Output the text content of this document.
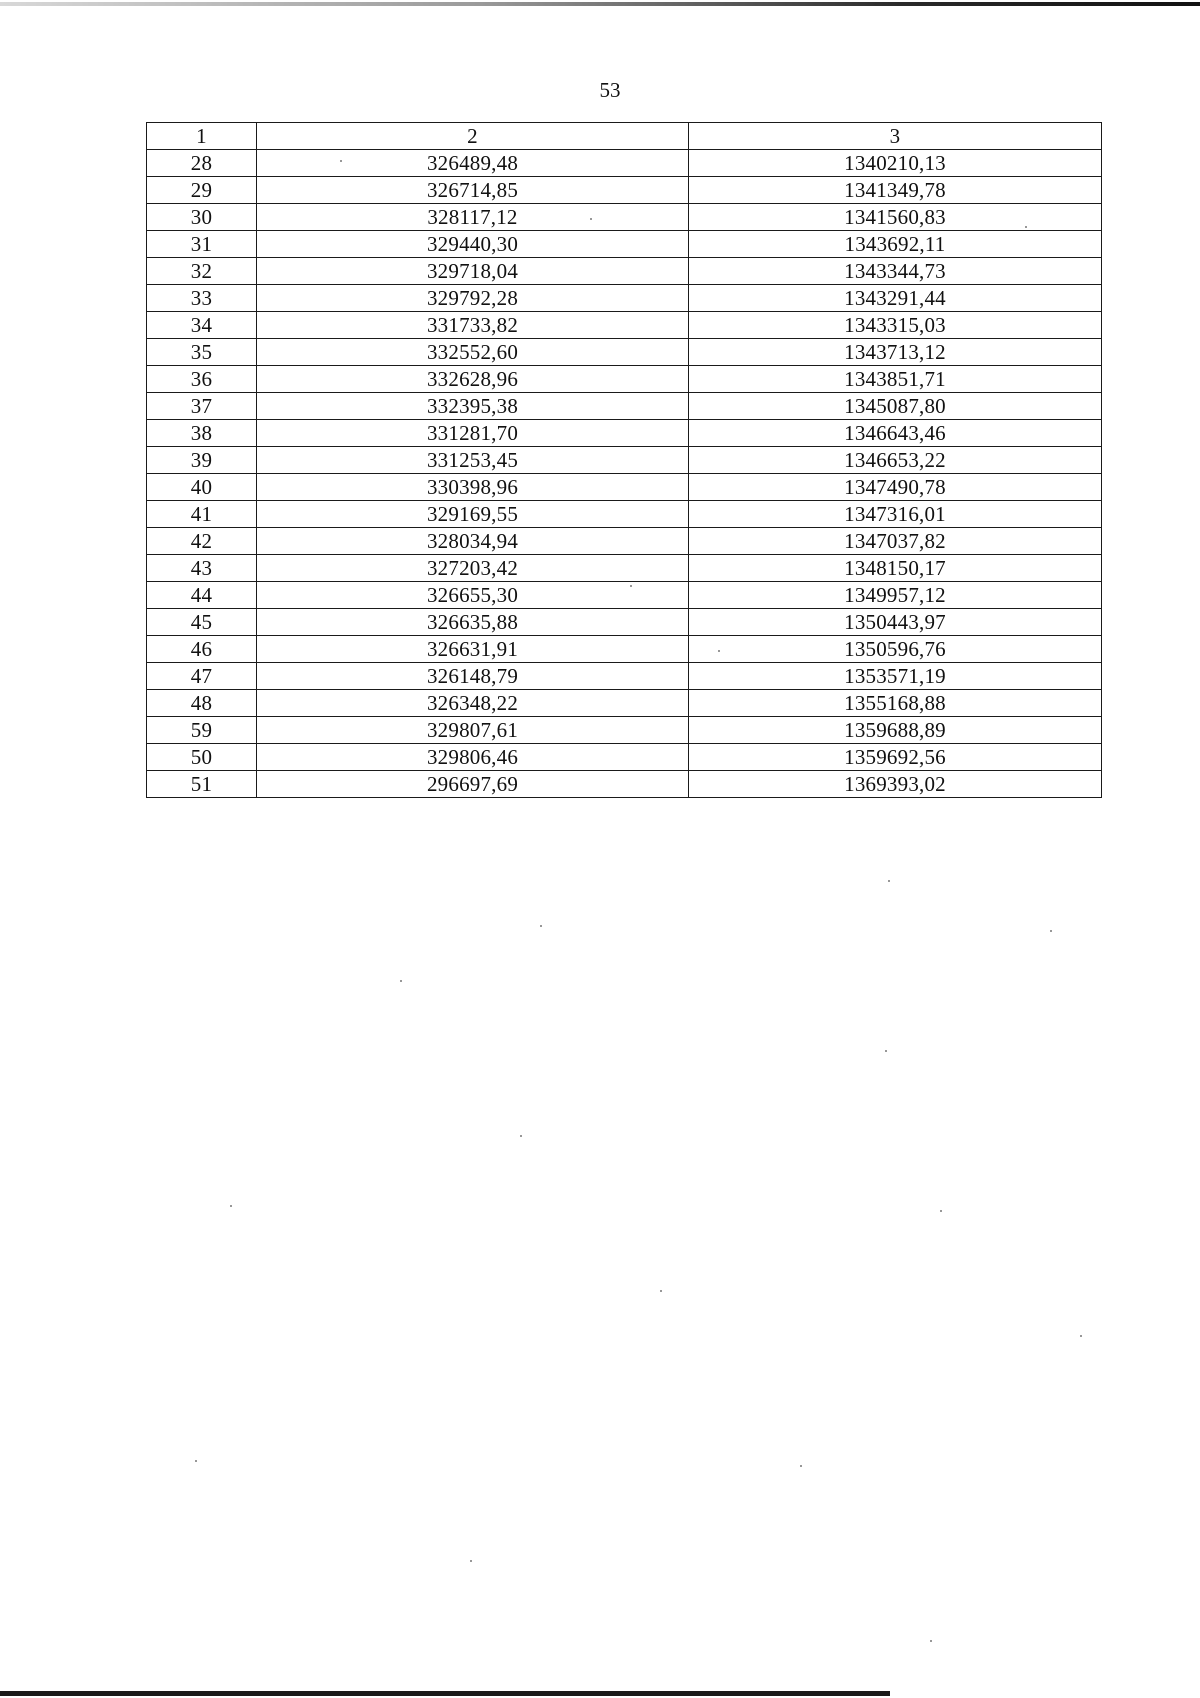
53
1	2	3
28	326489,48	1340210,13
29	326714,85	1341349,78
30	328117,12	1341560,83
31	329440,30	1343692,11
32	329718,04	1343344,73
33	329792,28	1343291,44
34	331733,82	1343315,03
35	332552,60	1343713,12
36	332628,96	1343851,71
37	332395,38	1345087,80
38	331281,70	1346643,46
39	331253,45	1346653,22
40	330398,96	1347490,78
41	329169,55	1347316,01
42	328034,94	1347037,82
43	327203,42	1348150,17
44	326655,30	1349957,12
45	326635,88	1350443,97
46	326631,91	1350596,76
47	326148,79	1353571,19
48	326348,22	1355168,88
59	329807,61	1359688,89
50	329806,46	1359692,56
51	296697,69	1369393,02
